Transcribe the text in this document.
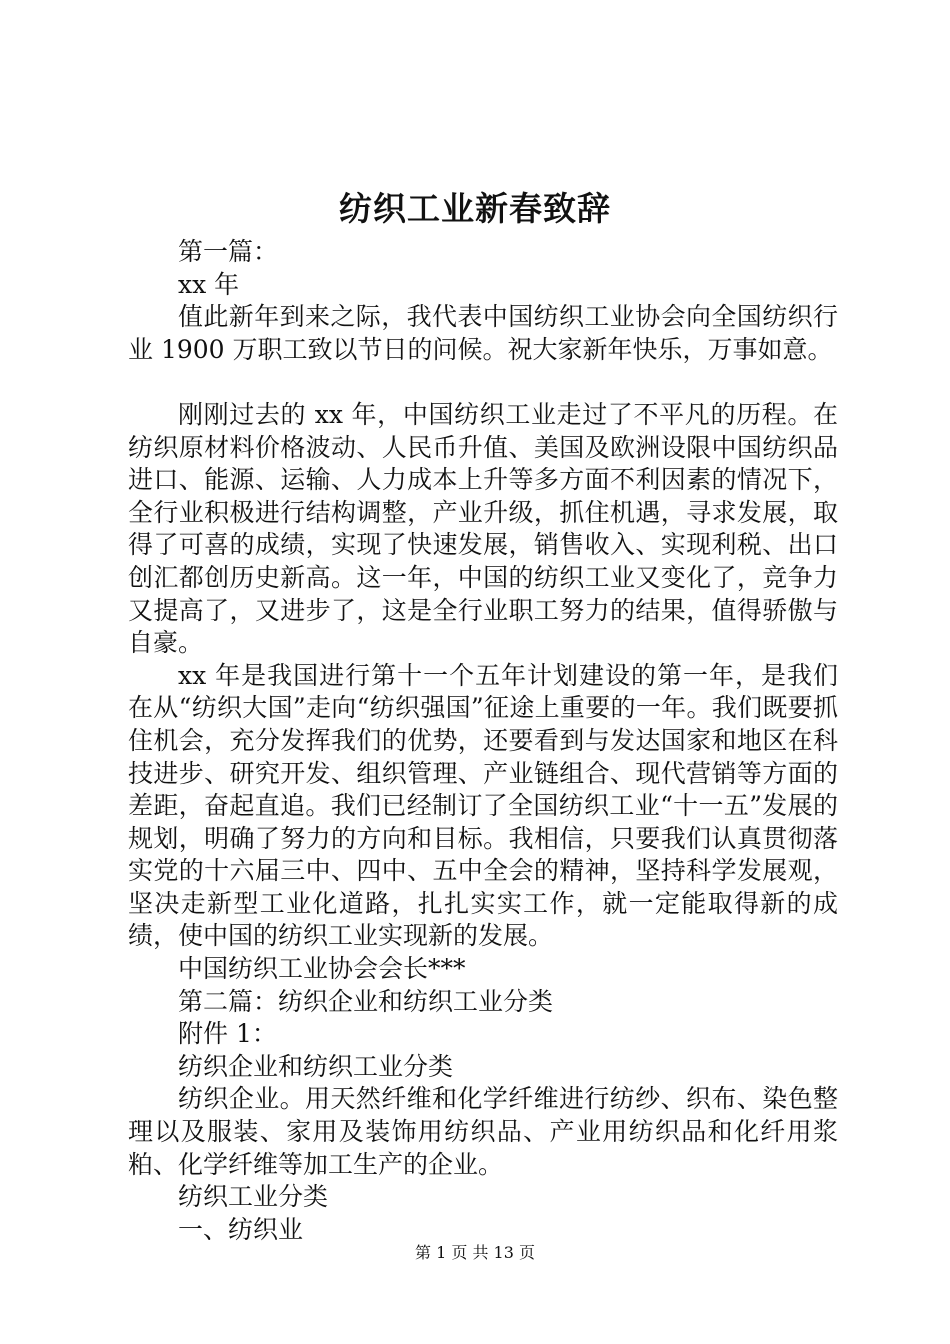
纺织工业新春致辞

第一篇：

xx 年

值此新年到来之际，我代表中国纺织工业协会向全国纺织行业 1900 万职工致以节日的问候。祝大家新年快乐，万事如意。

刚刚过去的 xx 年，中国纺织工业走过了不平凡的历程。在纺织原材料价格波动、人民币升值、美国及欧洲设限中国纺织品进口、能源、运输、人力成本上升等多方面不利因素的情况下，全行业积极进行结构调整，产业升级，抓住机遇，寻求发展，取得了可喜的成绩，实现了快速发展，销售收入、实现利税、出口创汇都创历史新高。这一年，中国的纺织工业又变化了，竞争力又提高了，又进步了，这是全行业职工努力的结果，值得骄傲与自豪。

xx 年是我国进行第十一个五年计划建设的第一年，是我们在从“纺织大国”走向“纺织强国”征途上重要的一年。我们既要抓住机会，充分发挥我们的优势，还要看到与发达国家和地区在科技进步、研究开发、组织管理、产业链组合、现代营销等方面的差距，奋起直追。我们已经制订了全国纺织工业“十一五”发展的规划，明确了努力的方向和目标。我相信，只要我们认真贯彻落实党的十六届三中、四中、五中全会的精神，坚持科学发展观，坚决走新型工业化道路，扎扎实实工作，就一定能取得新的成绩，使中国的纺织工业实现新的发展。

中国纺织工业协会会长***

第二篇：纺织企业和纺织工业分类

附件 1：

纺织企业和纺织工业分类

纺织企业。用天然纤维和化学纤维进行纺纱、织布、染色整理以及服装、家用及装饰用纺织品、产业用纺织品和化纤用浆粕、化学纤维等加工生产的企业。

纺织工业分类

一、纺织业

第 1 页 共 13 页
